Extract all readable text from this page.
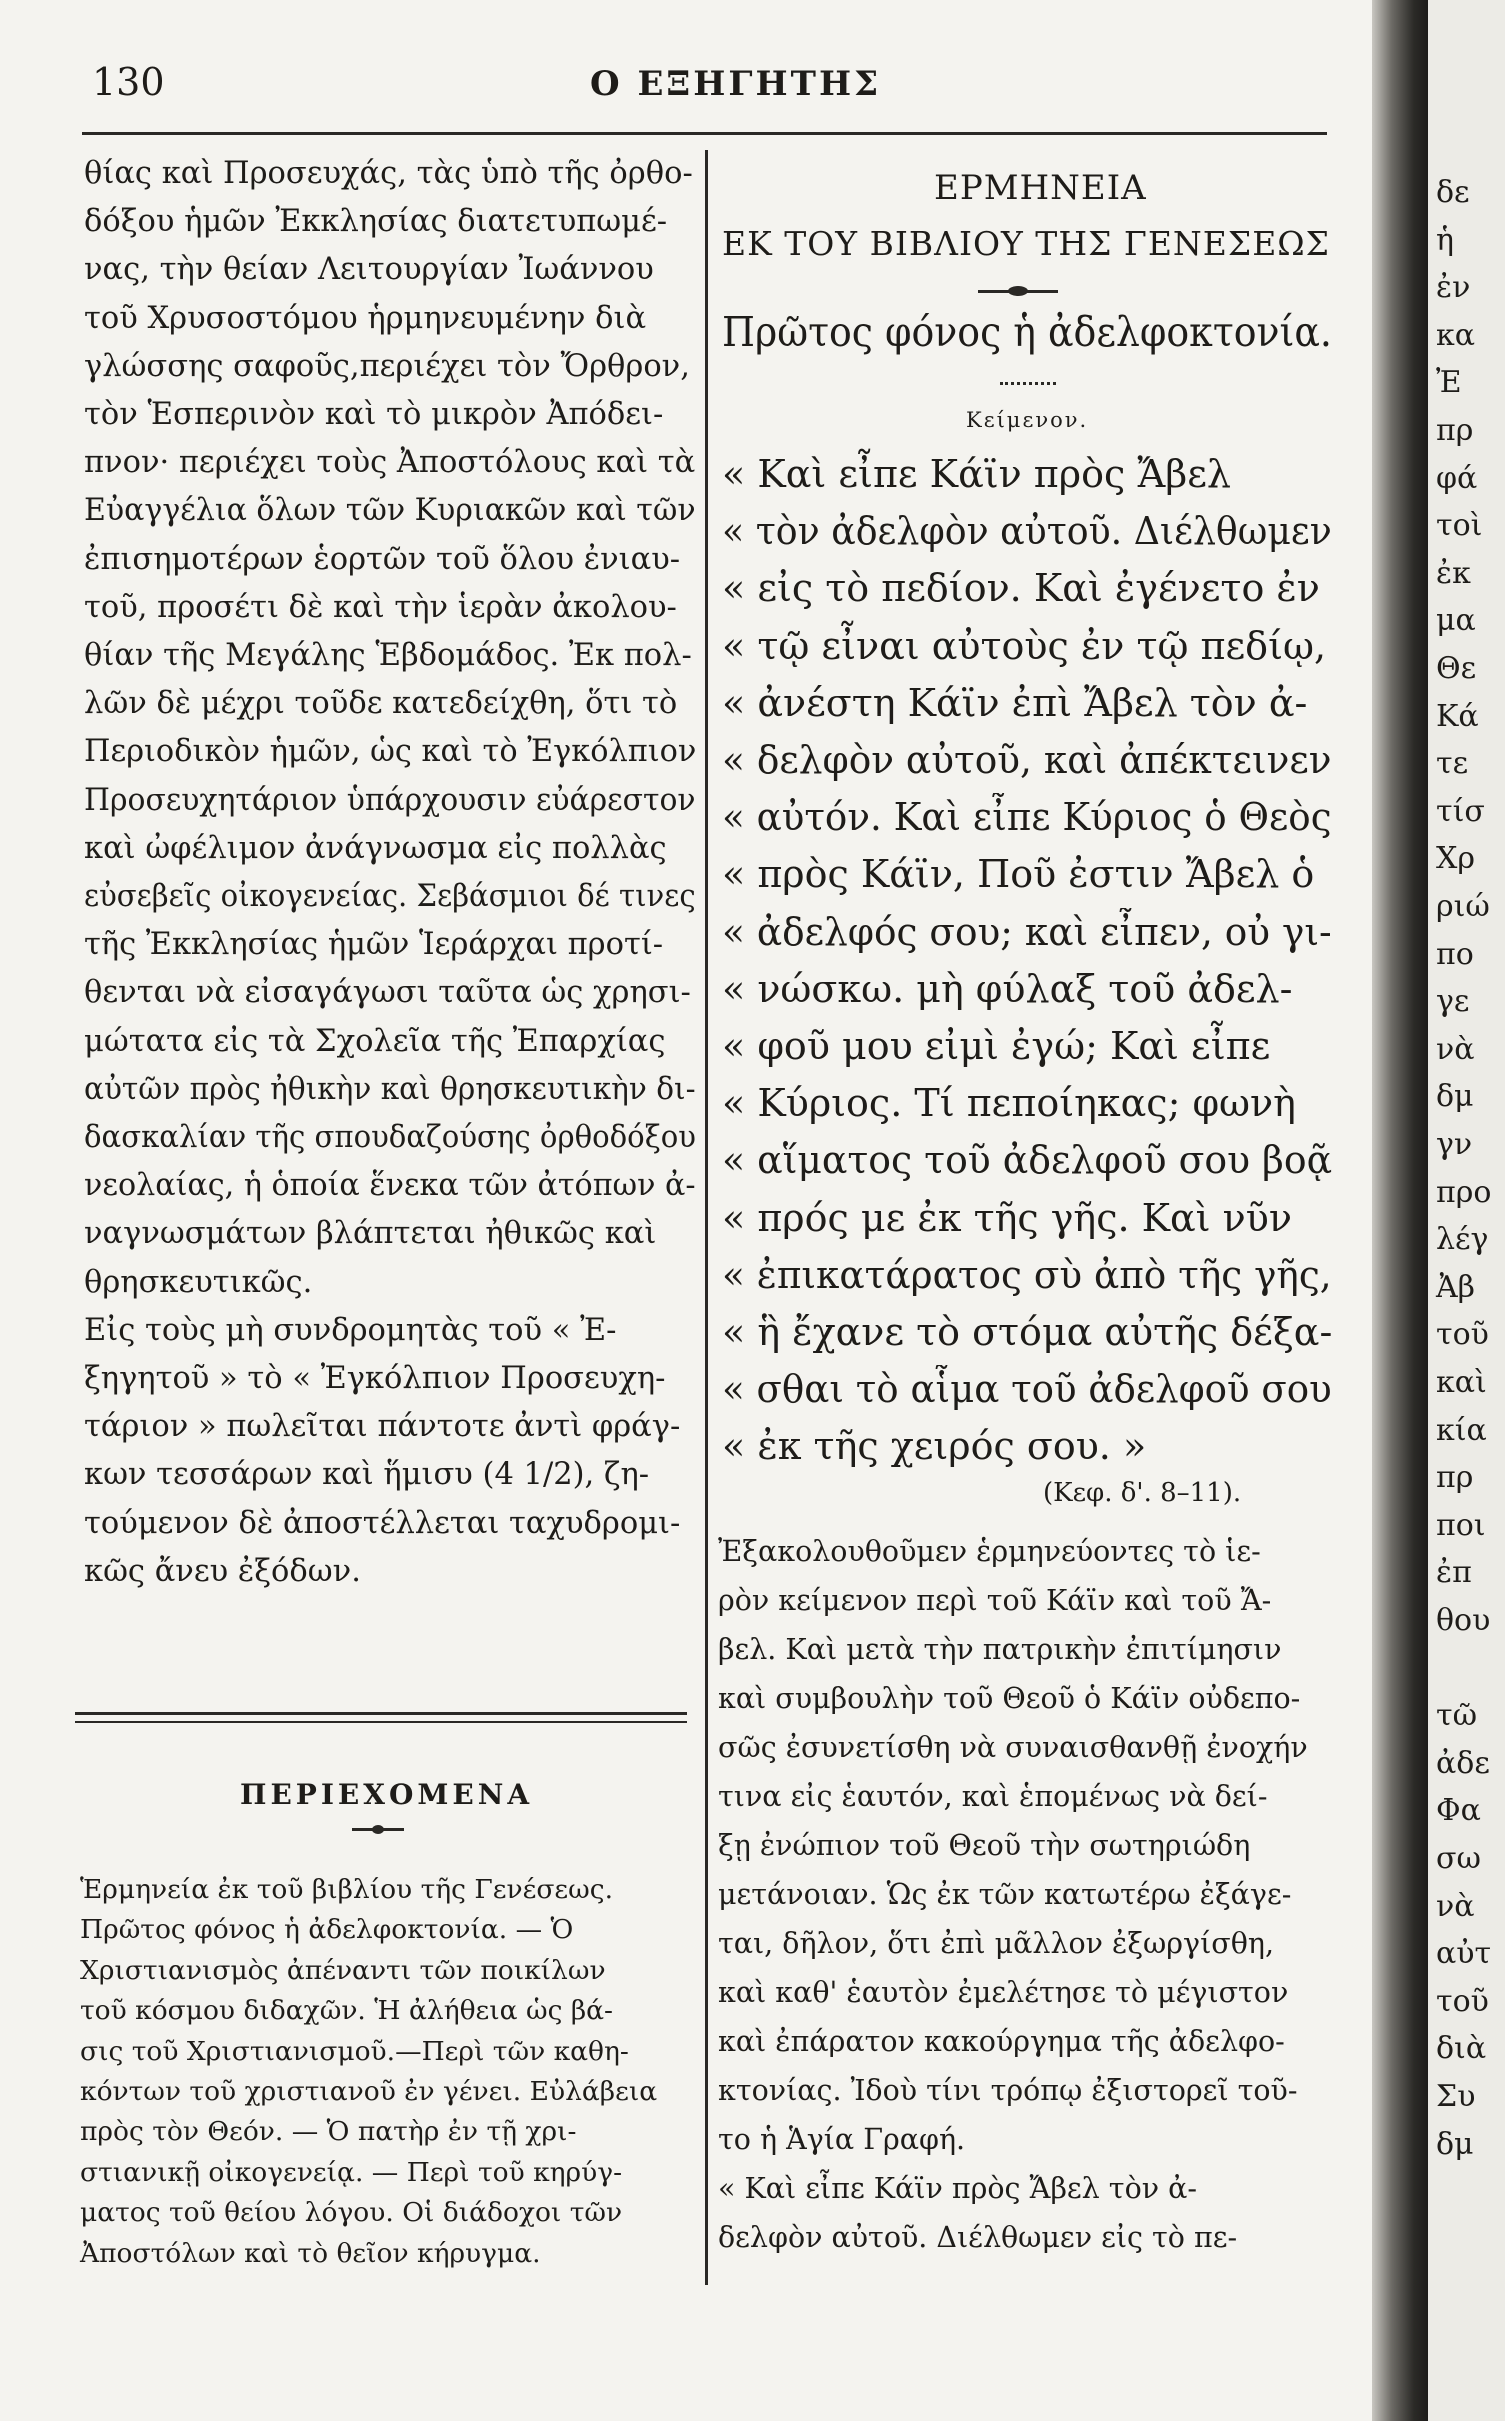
130	Ο ΕΞΗΓΗΤΗΣ
θίας καὶ Προσευχάς, τὰς ὑπὸ τῆς ὀρθο-
δόξου ἡμῶν Ἐκκλησίας διατετυπωμέ-
νας, τὴν θείαν Λειτουργίαν Ἰωάννου
τοῦ Χρυσοστόμου ἡρμηνευμένην διὰ
γλώσσης σαφοῦς,περιέχει τὸν Ὄρθρον,
τὸν Ἑσπερινὸν καὶ τὸ μικρὸν Ἀπόδει-
πνον· περιέχει τοὺς Ἀποστόλους καὶ τὰ
Εὐαγγέλια ὅλων τῶν Κυριακῶν καὶ τῶν
ἐπισημοτέρων ἑορτῶν τοῦ ὅλου ἐνιαυ-
τοῦ, προσέτι δὲ καὶ τὴν ἱερὰν ἀκολου-
θίαν τῆς Μεγάλης Ἑβδομάδος. Ἐκ πολ-
λῶν δὲ μέχρι τοῦδε κατεδείχθη, ὅτι τὸ
Περιοδικὸν ἡμῶν, ὡς καὶ τὸ Ἐγκόλπιον
Προσευχητάριον ὑπάρχουσιν εὐάρεστον
καὶ ὠφέλιμον ἀνάγνωσμα εἰς πολλὰς
εὐσεβεῖς οἰκογενείας. Σεβάσμιοι δέ τινες
τῆς Ἐκκλησίας ἡμῶν Ἱεράρχαι προτί-
θενται νὰ εἰσαγάγωσι ταῦτα ὡς χρησι-
μώτατα εἰς τὰ Σχολεῖα τῆς Ἐπαρχίας
αὐτῶν πρὸς ἠθικὴν καὶ θρησκευτικὴν δι-
δασκαλίαν τῆς σπουδαζούσης ὀρθοδόξου
νεολαίας, ἡ ὁποία ἕνεκα τῶν ἀτόπων ἀ-
ναγνωσμάτων βλάπτεται ἠθικῶς καὶ
θρησκευτικῶς.
Εἰς τοὺς μὴ συνδρομητὰς τοῦ « Ἐ-
ξηγητοῦ » τὸ « Ἐγκόλπιον Προσευχη-
τάριον » πωλεῖται πάντοτε ἀντὶ φράγ-
κων τεσσάρων καὶ ἥμισυ (4 1/2), ζη-
τούμενον δὲ ἀποστέλλεται ταχυδρομι-
κῶς ἄνευ ἐξόδων.
ΠΕΡΙΕΧΟΜΕΝΑ
Ἑρμηνεία ἐκ τοῦ βιβλίου τῆς Γενέσεως.
Πρῶτος φόνος ἡ ἀδελφοκτονία. — Ὁ
Χριστιανισμὸς ἀπέναντι τῶν ποικίλων
τοῦ κόσμου διδαχῶν. Ἡ ἀλήθεια ὡς βά-
σις τοῦ Χριστιανισμοῦ.—Περὶ τῶν καθη-
κόντων τοῦ χριστιανοῦ ἐν γένει. Εὐλάβεια
πρὸς τὸν Θεόν. — Ὁ πατὴρ ἐν τῇ χρι-
στιανικῇ οἰκογενείᾳ. — Περὶ τοῦ κηρύγ-
ματος τοῦ θείου λόγου. Οἱ διάδοχοι τῶν
Ἀποστόλων καὶ τὸ θεῖον κήρυγμα.
ΕΡΜΗΝΕΙΑ
ΕΚ ΤΟΥ ΒΙΒΛΙΟΥ ΤΗΣ ΓΕΝΕΣΕΩΣ
Πρῶτος φόνος ἡ ἀδελφοκτονία.
Κείμενον.
« Καὶ εἶπε Κάϊν πρὸς Ἄβελ
« τὸν ἀδελφὸν αὐτοῦ. Διέλθωμεν
« εἰς τὸ πεδίον. Καὶ ἐγένετο ἐν
« τῷ εἶναι αὐτοὺς ἐν τῷ πεδίῳ,
« ἀνέστη Κάϊν ἐπὶ Ἄβελ τὸν ἀ-
« δελφὸν αὐτοῦ, καὶ ἀπέκτεινεν
« αὐτόν. Καὶ εἶπε Κύριος ὁ Θεὸς
« πρὸς Κάϊν, Ποῦ ἐστιν Ἄβελ ὁ
« ἀδελφός σου; καὶ εἶπεν, οὐ γι-
« νώσκω. μὴ φύλαξ τοῦ ἀδελ-
« φοῦ μου εἰμὶ ἐγώ; Καὶ εἶπε
« Κύριος. Τί πεποίηκας; φωνὴ
« αἵματος τοῦ ἀδελφοῦ σου βοᾷ
« πρός με ἐκ τῆς γῆς. Καὶ νῦν
« ἐπικατάρατος σὺ ἀπὸ τῆς γῆς,
« ἣ ἔχανε τὸ στόμα αὐτῆς δέξα-
« σθαι τὸ αἷμα τοῦ ἀδελφοῦ σου
« ἐκ τῆς χειρός σου. »
(Κεφ. δ'. 8–11).
Ἐξακολουθοῦμεν ἑρμηνεύοντες τὸ ἱε-
ρὸν κείμενον περὶ τοῦ Κάϊν καὶ τοῦ Ἄ-
βελ. Καὶ μετὰ τὴν πατρικὴν ἐπιτίμησιν
καὶ συμβουλὴν τοῦ Θεοῦ ὁ Κάϊν οὐδεπο-
σῶς ἐσυνετίσθη νὰ συναισθανθῇ ἐνοχήν
τινα εἰς ἑαυτόν, καὶ ἑπομένως νὰ δεί-
ξῃ ἐνώπιον τοῦ Θεοῦ τὴν σωτηριώδη
μετάνοιαν. Ὡς ἐκ τῶν κατωτέρω ἐξάγε-
ται, δῆλον, ὅτι ἐπὶ μᾶλλον ἐξωργίσθη,
καὶ καθ' ἑαυτὸν ἐμελέτησε τὸ μέγιστον
καὶ ἐπάρατον κακούργημα τῆς ἀδελφο-
κτονίας. Ἰδοὺ τίνι τρόπῳ ἐξιστορεῖ τοῦ-
το ἡ Ἁγία Γραφή.
« Καὶ εἶπε Κάϊν πρὸς Ἄβελ τὸν ἀ-
δελφὸν αὐτοῦ. Διέλθωμεν εἰς τὸ πε-
δε
ἡ
ἐν
κα
Ἐ
πρ
φά
τοὶ
ἐκ
μα
Θε
Κά
τε
τίσ
Χρ
ριώ
πο
γε
νὰ
δμ
γν
προ
λέγ
Ἀβ
τοῦ
καὶ
κία
πρ
ποι
ἐπ
θου
τῶ
ἀδε
Φα
σω
νὰ
αὐτ
τοῦ
διὰ
Συ
δμ
